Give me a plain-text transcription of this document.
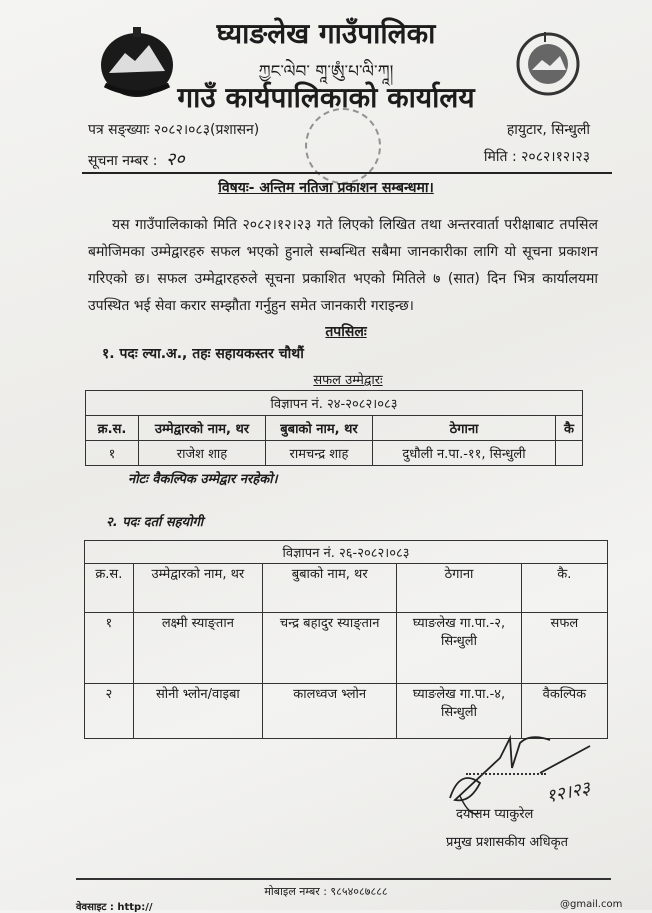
घ्याङलेख गाउँपालिका
ཀྱང་ལེབ་ གཱ་ཨུཾ་པ་ལི་ཀཱ།
गाउँ कार्यपालिकाको कार्यालय
पत्र सङ्ख्याः २०८२।०८३(प्रशासन)
सूचना नम्बर : २०
हायुटार, सिन्धुली
मिति : २०८२।१२।२३
विषयः- अन्तिम नतिजा प्रकाशन सम्बन्धमा।
यस गाउँपालिकाको मिति २०८२।१२।२३ गते लिएको लिखित तथा अन्तरवार्ता परीक्षाबाट तपसिल बमोजिमका उम्मेद्वारहरु सफल भएको हुनाले सम्बन्धित सबैमा जानकारीका लागि यो सूचना प्रकाशन गरिएको छ। सफल उम्मेद्वारहरुले सूचना प्रकाशित भएको मितिले ७ (सात) दिन भित्र कार्यालयमा उपस्थित भई सेवा करार सम्झौता गर्नुहुन समेत जानकारी गराइन्छ।
तपसिलः
१. पदः ल्या.अ., तहः सहायकस्तर चौथौं
सफल उम्मेद्वारः
विज्ञापन नं. २४-२०८२।०८३				
क्र.स.	उम्मेद्वारको नाम, थर	बुबाको नाम, थर	ठेगाना	कै
१	राजेश शाह	रामचन्द्र शाह	दुधौली न.पा.-११, सिन्धुली	
नोटः वैकल्पिक उम्मेद्वार नरहेको।
२. पदः दर्ता सहयोगी
विज्ञापन नं. २६-२०८२।०८३				
क्र.स.	उम्मेद्वारको नाम, थर	बुबाको नाम, थर	ठेगाना	कै.
१	लक्ष्मी स्याङ्तान	चन्द्र बहादुर स्याङ्तान	घ्याङलेख गा.पा.-२, सिन्धुली	सफल
२	सोनी भ्लोन/वाइबा	कालध्वज भ्लोन	घ्याङलेख गा.पा.-४, सिन्धुली	वैकल्पिक
१२।२३
दयाराम प्याकुरेल
प्रमुख प्रशासकीय अधिकृत
मोबाइल नम्बर : ९८५४०८७८८८
वेवसाइट : http://	@gmail.com
